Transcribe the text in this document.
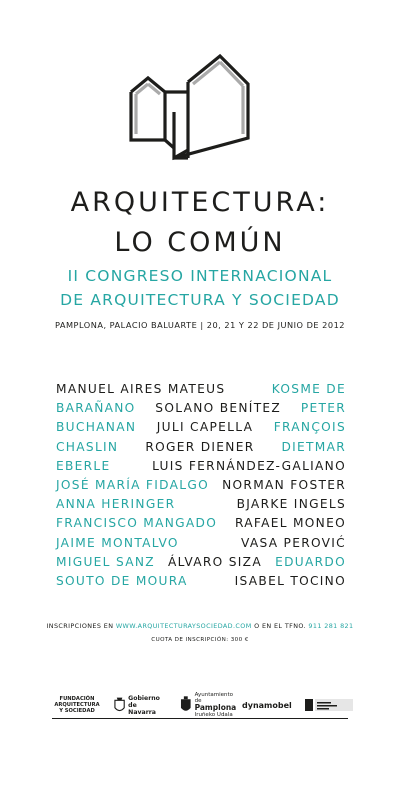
ARQUITECTURA:
LO COMÚN
II CONGRESO INTERNACIONAL
DE ARQUITECTURA Y SOCIEDAD
PAMPLONA, PALACIO BALUARTE | 20, 21 Y 22 DE JUNIO DE 2012
MANUEL AIRES MATEUS	KOSME DE
BARAÑANO SOLANO BENÍTEZ PETER
BUCHANAN JULI CAPELLA FRANÇOIS
CHASLIN ROGER DIENER DIETMAR
EBERLE	LUIS FERNÁNDEZ-GALIANO
JOSÉ MARÍA FIDALGO NORMAN FOSTER
ANNA HERINGER	BJARKE INGELS
FRANCISCO MANGADO RAFAEL MONEO
JAIME MONTALVO	VASA PEROVIĆ
MIGUEL SANZ ÁLVARO SIZA EDUARDO
SOUTO DE MOURA	ISABEL TOCINO
INSCRIPCIONES EN WWW.ARQUITECTURAYSOCIEDAD.COM O EN EL TFNO. 911 281 821
CUOTA DE INSCRIPCIÓN: 300 €
FUNDACIÓN
ARQUITECTURA
Y SOCIEDAD
Gobierno
de Navarra
Ayuntamiento de
Pamplona
Iruñeko Udala
dynamobel
